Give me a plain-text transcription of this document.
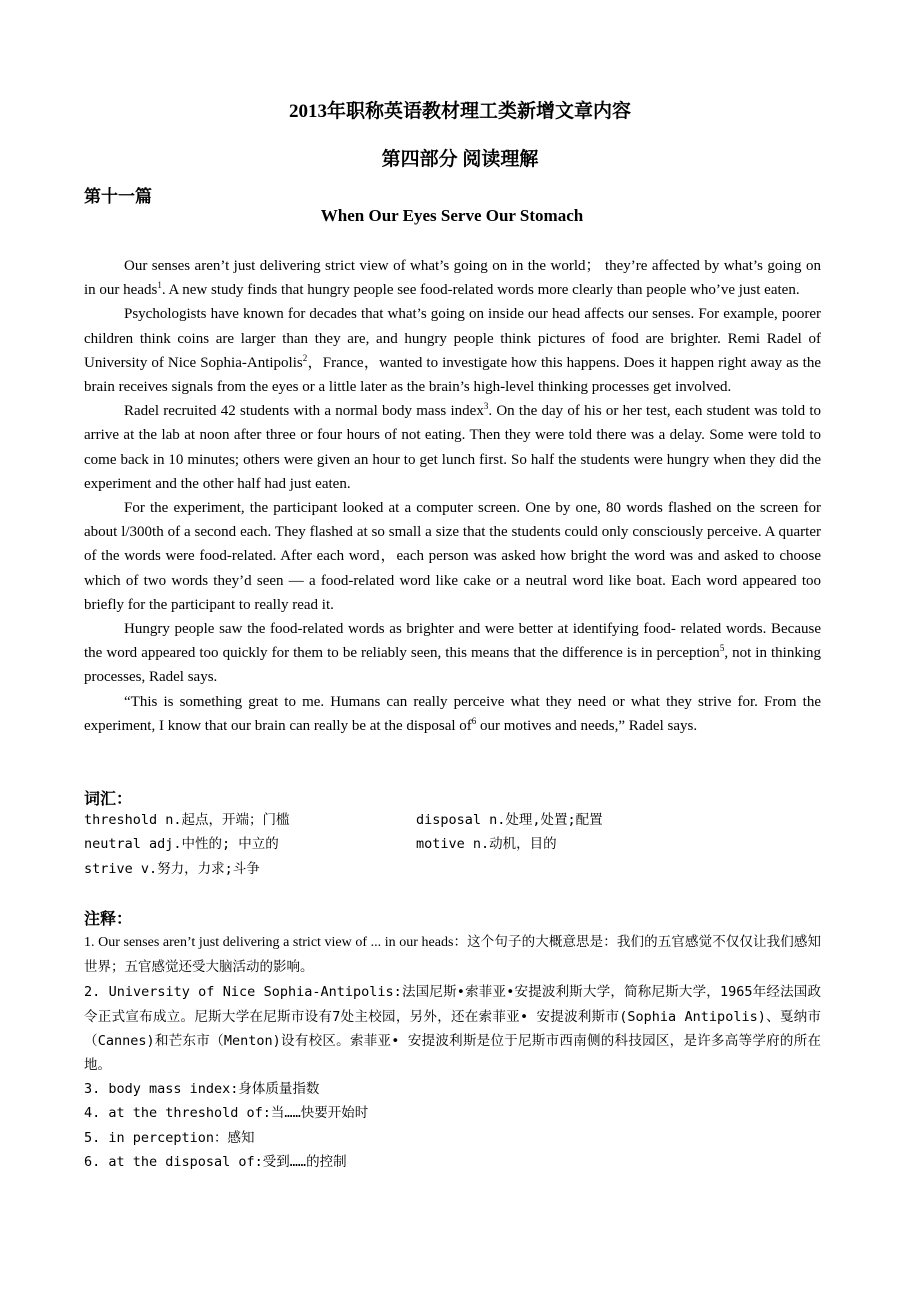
2013年职称英语教材理工类新增文章内容
第四部分 阅读理解
第十一篇
When Our Eyes Serve Our Stomach

Our senses aren’t just delivering strict view of what’s going on in the world； they’re affected by what’s going on in our heads$^1$. A new study finds that hungry people see food-related words more clearly than people who’ve just eaten.

Psychologists have known for decades that what’s going on inside our head affects our senses. For example, poorer children think coins are larger than they are, and hungry people think pictures of food are brighter. Remi Radel of University of Nice Sophia-Antipolis$^2$，France，wanted to investigate how this happens. Does it happen right away as the brain receives signals from the eyes or a little later as the brain’s high-level thinking processes get involved.

Radel recruited 42 students with a normal body mass index$^3$. On the day of his or her test, each student was told to arrive at the lab at noon after three or four hours of not eating. Then they were told there was a delay. Some were told to come back in 10 minutes; others were given an hour to get lunch first. So half the students were hungry when they did the experiment and the other half had just eaten.

For the experiment, the participant looked at a computer screen. One by one, 80 words flashed on the screen for about l/300th of a second each. They flashed at so small a size that the students could only consciously perceive. A quarter of the words were food-related. After each word，each person was asked how bright the word was and asked to choose which of two words they’d seen — a food-related word like cake or a neutral word like boat. Each word appeared too briefly for the participant to really read it.

Hungry people saw the food-related words as brighter and were better at identifying food- related words. Because the word appeared too quickly for them to be reliably seen, this means that the difference is in perception$^5$, not in thinking processes, Radel says.

“This is something great to me. Humans can really perceive what they need or what they strive for. From the experiment, I know that our brain can really be at the disposal $of^6$ our motives and needs,” Radel says.

词汇：
threshold n.起点，开端；门槛	disposal n.处理,处置;配置
neutral adj.中性的; 中立的	motive n.动机，目的
strive v.努力，力求;斗争
注释：

1. Our senses aren’t just delivering a strict view of ... in our heads：这个句子的大概意思是：我们的五官感觉不仅仅让我们感知世界；五官感觉还受大脑活动的影响。

2. University of Nice Sophia-Antipolis:法国尼斯•索菲亚•安提波利斯大学，简称尼斯大学，1965年经法国政令正式宣布成立。尼斯大学在尼斯市设有7处主校园，另外，还在索菲亚• 安提波利斯市(Sophia Antipolis)、戛纳市（Cannes)和芒东市（Menton)设有校区。索菲亚• 安提波利斯是位于尼斯市西南侧的科技园区，是许多高等学府的所在地。

3. body mass index:身体质量指数

4. at the threshold of:当……快要开始时

5. in perception：感知

6. at the disposal of:受到……的控制
